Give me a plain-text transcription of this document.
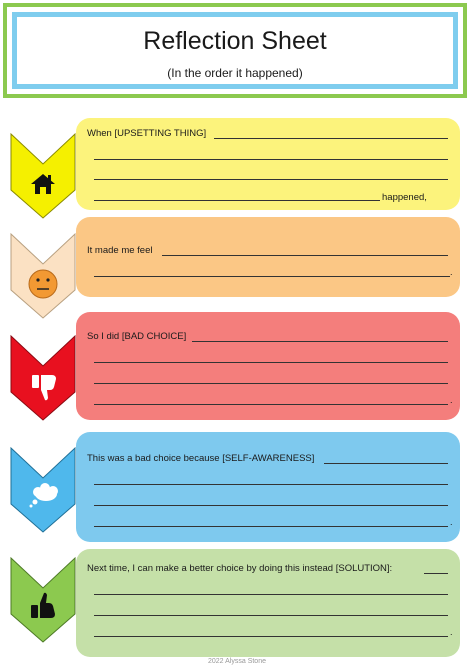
Reflection Sheet
(In the order it happened)
When [UPSETTING THING]
happened,
It made me feel
.
So I did [BAD CHOICE]
.
This was a bad choice because [SELF-AWARENESS]
.
Next time, I can make a better choice by doing this instead [SOLUTION]:
.
2022 Alyssa Stone
